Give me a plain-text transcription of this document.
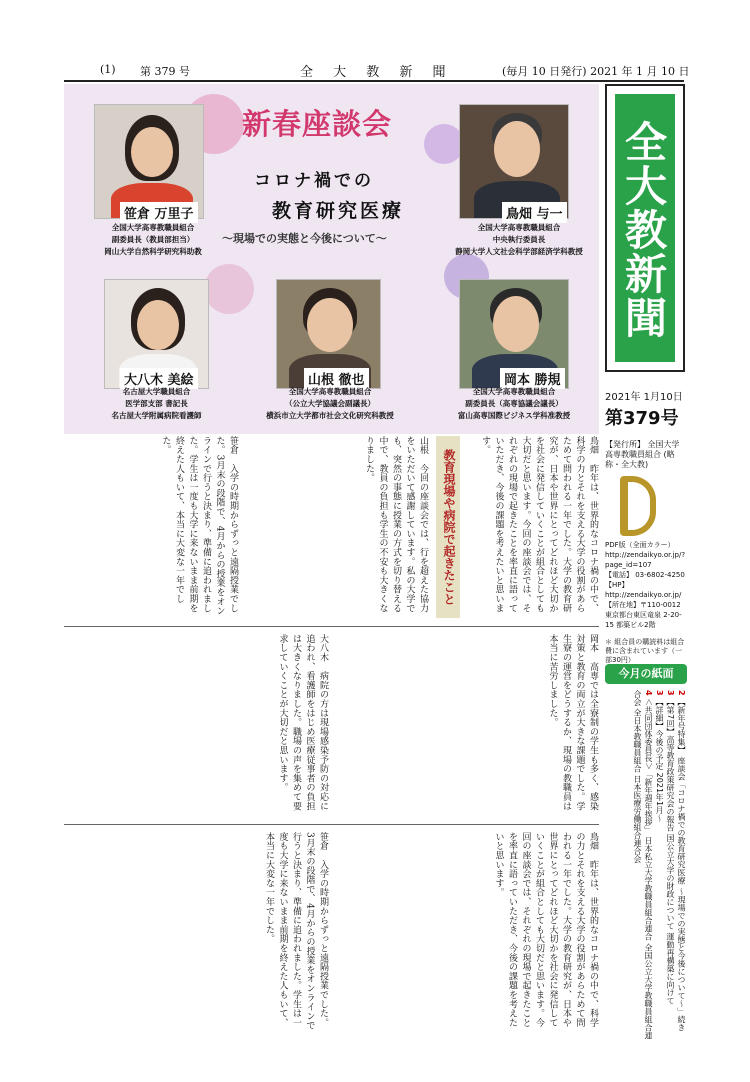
(1) 第 379 号	全 大 教 新 聞	(毎月 10 日発行) 2021 年 1 月 10 日
新春座談会
コロナ禍での
教育研究医療
～現場での実態と今後について～
笹倉 万里子
全国大学高専教職員組合
副委員長（教員部担当）
岡山大学自然科学研究科助教
鳥畑 与一
全国大学高専教職員組合
中央執行委員長
静岡大学人文社会科学部経済学科教授
大八木 美絵
名古屋大学職員組合
医学部支部 書記長
名古屋大学附属病院看護師
山根 徹也
全国大学高専教職員組合
（公立大学協議会副議長）
横浜市立大学都市社会文化研究科教授
岡本 勝規
全国大学高専教職員組合
副委員長（高専協議会議長）
富山高専国際ビジネス学科准教授
全大教新聞
2021年 1月10日
第379号
【発行所】 全国大学高専教職員組合 (略称・全大教)
PDF版（全面カラー） http://zendaikyo.or.jp/?page_id=107
【電話】 03-6802-4250
【HP】 http://zendaikyo.or.jp/
【所在地】〒110-0012 東京都台東区竜泉 2-20-15 都築ビル2階
＊ 組合員の購読料は組合費に含まれています（一部30円）
今月の紙面

2 【新年号特集】 座談会「コロナ禍での教育研究医療 ～現場での実態と今後について～」続き

3 【第7回】高等教育政策研究会の報告 国公立大学の財政について 運動再構築に向けて

3 【詳細】今後の予定 2021年1月〜

4 ＜共同団体委員長＞「新年週年挨拶」 日本私立大学教職員組合連合 全国公立大学教職員組合連合会 全日本教職員組合 日本医療労働組合連合会

鳥畑　昨年は、世界的なコロナ禍の中で、科学の力とそれを支える大学の役割があらためて問われる一年でした。大学の教育研究が、日本や世界にとってどれほど大切かを社会に発信していくことが組合としても大切だと思います。今回の座談会では、それぞれの現場で起きたことを率直に語っていただき、今後の課題を考えたいと思います。
教育現場や病院で起きたこと
山根　今回の座談会では、行を超えた協力をいただいて感謝しています。私の大学でも、突然の事態に授業の方式を切り替える中で、教員の負担も学生の不安も大きくなりました。
笹倉　入学の時期からずっと遠隔授業でした。3月末の段階で、4月からの授業をオンラインで行うと決まり、準備に追われました。学生は一度も大学に来ないまま前期を終えた人もいて、本当に大変な一年でした。
岡本　高専では全寮制の学生も多く、感染対策と教育の両立が大きな課題でした。学生寮の運営をどうするか、現場の教職員は本当に苦労しました。
大八木　病院の方は現場感染予防の対応に追われ、看護師をはじめ医療従事者の負担は大きくなりました。職場の声を集めて要求していくことが大切だと思います。
鳥畑　昨年は、世界的なコロナ禍の中で、科学の力とそれを支える大学の役割があらためて問われる一年でした。大学の教育研究が、日本や世界にとってどれほど大切かを社会に発信していくことが組合としても大切だと思います。今回の座談会では、それぞれの現場で起きたことを率直に語っていただき、今後の課題を考えたいと思います。
笹倉　入学の時期からずっと遠隔授業でした。3月末の段階で、4月からの授業をオンラインで行うと決まり、準備に追われました。学生は一度も大学に来ないまま前期を終えた人もいて、本当に大変な一年でした。
